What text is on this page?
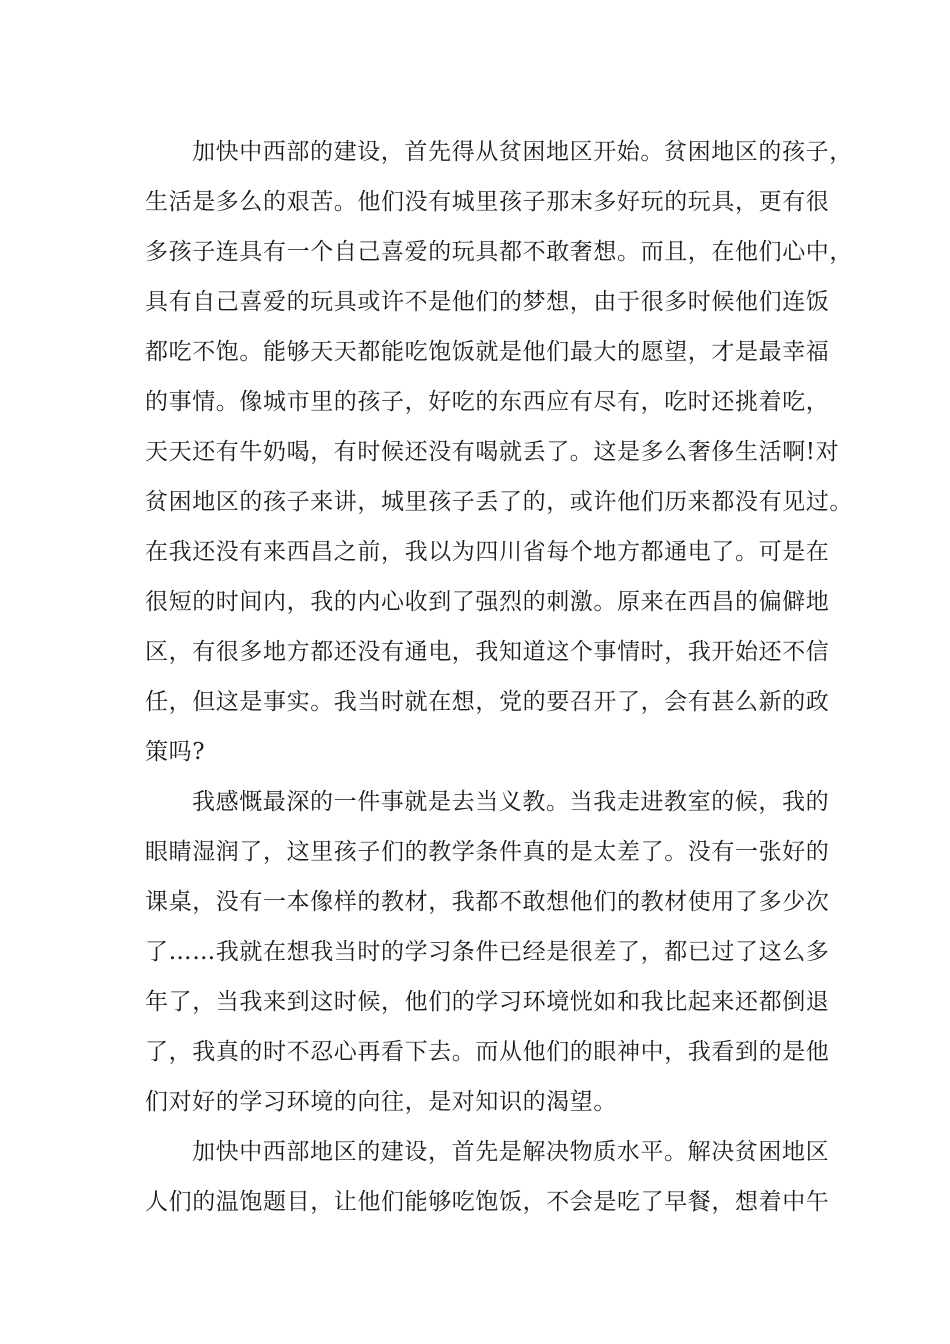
加快中西部的建设，首先得从贫困地区开始。贫困地区的孩子，
生活是多么的艰苦。他们没有城里孩子那末多好玩的玩具，更有很
多孩子连具有一个自己喜爱的玩具都不敢奢想。而且，在他们心中，
具有自己喜爱的玩具或许不是他们的梦想，由于很多时候他们连饭
都吃不饱。能够天天都能吃饱饭就是他们最大的愿望，才是最幸福
的事情。像城市里的孩子，好吃的东西应有尽有，吃时还挑着吃，
天天还有牛奶喝，有时候还没有喝就丢了。这是多么奢侈生活啊!对
贫困地区的孩子来讲，城里孩子丢了的，或许他们历来都没有见过。
在我还没有来西昌之前，我以为四川省每个地方都通电了。可是在
很短的时间内，我的内心收到了强烈的刺激。原来在西昌的偏僻地
区，有很多地方都还没有通电，我知道这个事情时，我开始还不信
任，但这是事实。我当时就在想，党的要召开了，会有甚么新的政
策吗?
我感慨最深的一件事就是去当义教。当我走进教室的候，我的
眼睛湿润了，这里孩子们的教学条件真的是太差了。没有一张好的
课桌，没有一本像样的教材，我都不敢想他们的教材使用了多少次
了……我就在想我当时的学习条件已经是很差了，都已过了这么多
年了，当我来到这时候，他们的学习环境恍如和我比起来还都倒退
了，我真的时不忍心再看下去。而从他们的眼神中，我看到的是他
们对好的学习环境的向往，是对知识的渴望。
加快中西部地区的建设，首先是解决物质水平。解决贫困地区
人们的温饱题目，让他们能够吃饱饭，不会是吃了早餐，想着中午
